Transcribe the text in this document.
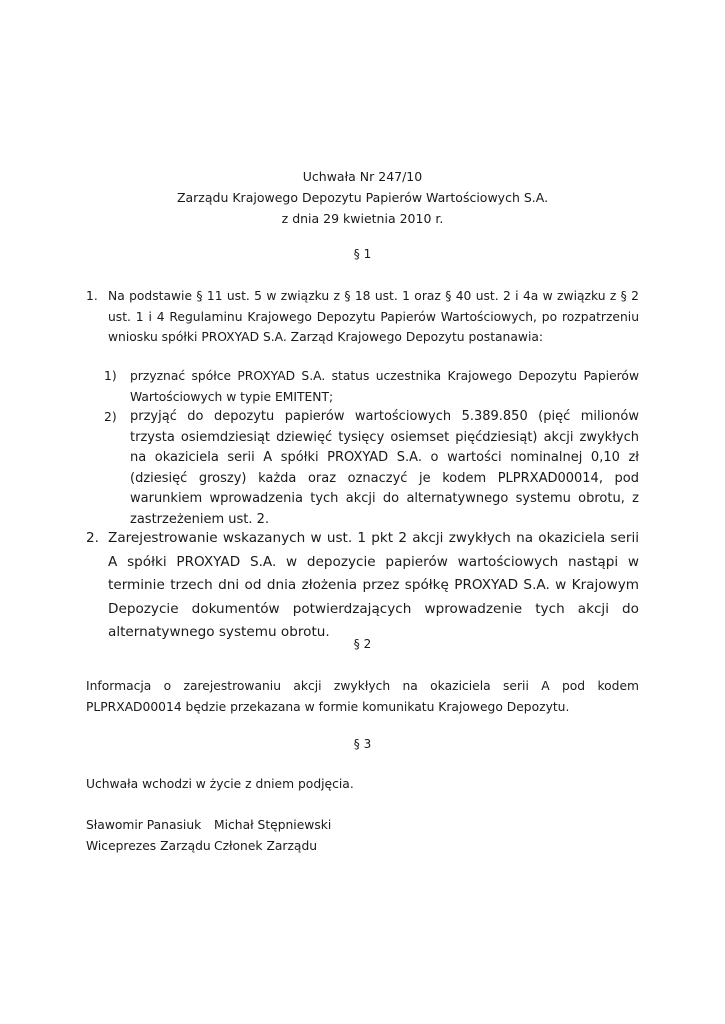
Uchwała Nr 247/10
Zarządu Krajowego Depozytu Papierów Wartościowych S.A.
z dnia 29 kwietnia 2010 r.
§ 1
1. Na podstawie § 11 ust. 5 w związku z § 18 ust. 1 oraz § 40 ust. 2 i 4a w związku z § 2 ust. 1 i 4 Regulaminu Krajowego Depozytu Papierów Wartościowych, po rozpatrzeniu wniosku spółki PROXYAD S.A. Zarząd Krajowego Depozytu postanawia:
1) przyznać spółce PROXYAD S.A. status uczestnika Krajowego Depozytu Papierów Wartościowych w typie EMITENT;
2) przyjąć do depozytu papierów wartościowych 5.389.850 (pięć milionów trzysta osiemdziesiąt dziewięć tysięcy osiemset pięćdziesiąt) akcji zwykłych na okaziciela serii A spółki PROXYAD S.A. o wartości nominalnej 0,10 zł (dziesięć groszy) każda oraz oznaczyć je kodem PLPRXAD00014, pod warunkiem wprowadzenia tych akcji do alternatywnego systemu obrotu, z zastrzeżeniem ust. 2.
2. Zarejestrowanie wskazanych w ust. 1 pkt 2 akcji zwykłych na okaziciela serii A spółki PROXYAD S.A. w depozycie papierów wartościowych nastąpi w terminie trzech dni od dnia złożenia przez spółkę PROXYAD S.A. w Krajowym Depozycie dokumentów potwierdzających wprowadzenie tych akcji do alternatywnego systemu obrotu.
§ 2
Informacja o zarejestrowaniu akcji zwykłych na okaziciela serii A pod kodem PLPRXAD00014 będzie przekazana w formie komunikatu Krajowego Depozytu.
§ 3
Uchwała wchodzi w życie z dniem podjęcia.
Sławomir Panasiuk
Wiceprezes Zarządu
Michał Stępniewski
Członek Zarządu
